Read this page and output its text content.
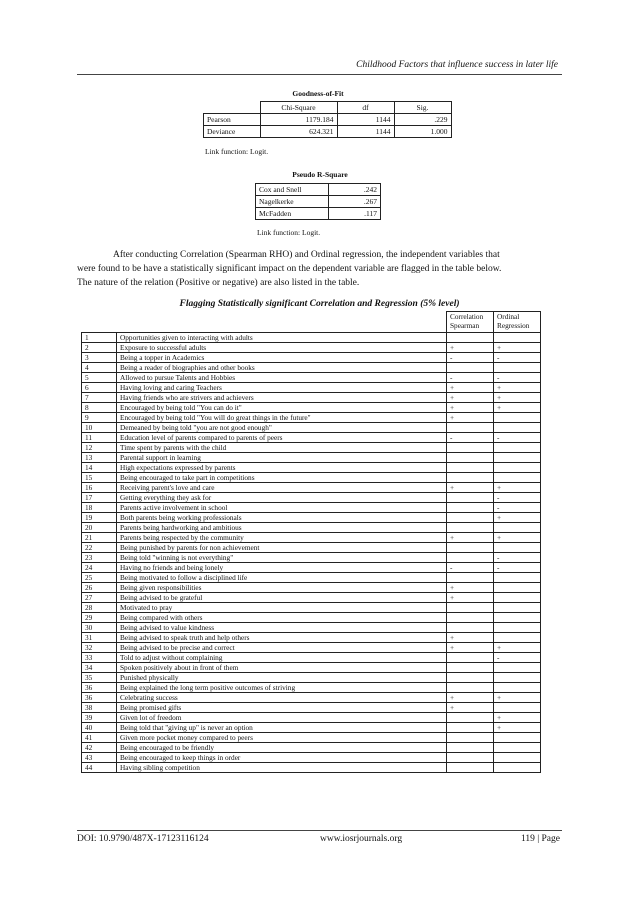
Childhood Factors that influence success in later life
Goodness-of-Fit
	Chi-Square	df	Sig.
Pearson	1179.184	1144	.229
Deviance	624.321	1144	1.000
Link function: Logit.
Pseudo R-Square
Cox and Snell	.242
Nagelkerke	.267
McFadden	.117
Link function: Logit.

After conducting Correlation (Spearman RHO) and Ordinal regression, the independent variables that

were found to be have a statistically significant impact on the dependent variable are flagged in the table below.

The nature of the relation (Positive or negative) are also listed in the table.

Flagging Statistically significant Correlation and Regression (5% level)
		Correlation Spearman	Ordinal Regression
1	Opportunities given to interacting with adults		
2	Exposure to successful adults	+	+
3	Being a topper in Academics	-	-
4	Being a reader of biographies and other books		
5	Allowed to pursue Talents and Hobbies	-	-
6	Having loving and caring Teachers	+	+
7	Having friends who are strivers and achievers	+	+
8	Encouraged by being told "You can do it"	+	+
9	Encouraged by being told "You will do great things in the future"	+	
10	Demeaned by being told "you are not good enough"		
11	Education level of parents compared to parents of peers	-	-
12	Time spent by parents with the child		
13	Parental support in learning		
14	High expectations expressed by parents		
15	Being encouraged to take part in competitions		
16	Receiving parent's love and care	+	+
17	Getting everything they ask for		-
18	Parents active involvement in school		-
19	Both parents being working professionals		+
20	Parents being hardworking and ambitious		
21	Parents being respected by the community	+	+
22	Being punished by parents for non achievement		
23	Being told "winning is not everything"		-
24	Having no friends and being lonely	-	-
25	Being motivated to follow a disciplined life		
26	Being given responsibilities	+	
27	Being advised to be grateful	+	
28	Motivated to pray		
29	Being compared with others		
30	Being advised to value kindness		
31	Being advised to speak truth and help others	+	
32	Being advised to be precise and correct	+	+
33	Told to adjust without complaining		-
34	Spoken positively about in front of them		
35	Punished physically		
36	Being explained the long term positive outcomes of striving		
36	Celebrating success	+	+
38	Being promised gifts	+	
39	Given lot of freedom		+
40	Being told that "giving up" is never an option		+
41	Given more pocket money compared to peers		
42	Being encouraged to be friendly		
43	Being encouraged to keep things in order		
44	Having sibling competition		
DOI: 10.9790/487X-17123116124	www.iosrjournals.org	119 | Page
